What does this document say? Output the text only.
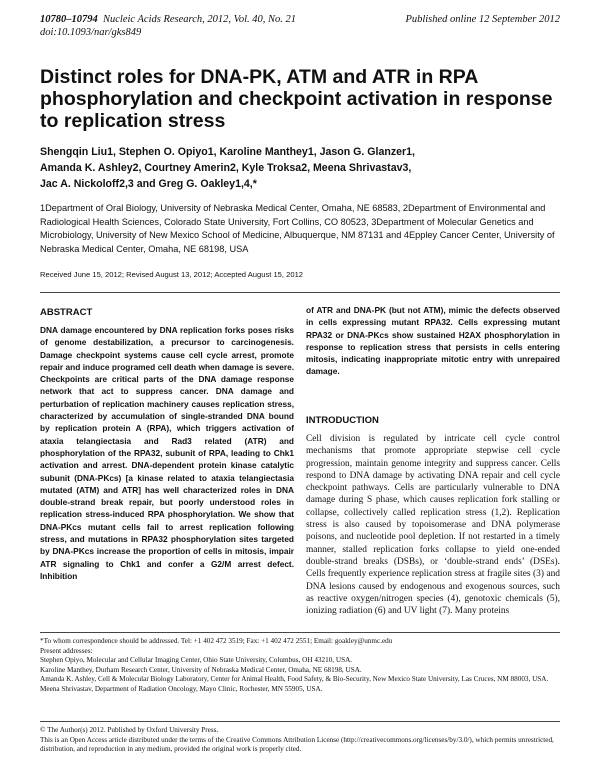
10780–10794 Nucleic Acids Research, 2012, Vol. 40, No. 21
doi:10.1093/nar/gks849
Published online 12 September 2012
Distinct roles for DNA-PK, ATM and ATR in RPA phosphorylation and checkpoint activation in response to replication stress
Shengqin Liu1, Stephen O. Opiyo1, Karoline Manthey1, Jason G. Glanzer1,
Amanda K. Ashley2, Courtney Amerin2, Kyle Troksa2, Meena Shrivastav3,
Jac A. Nickoloff2,3 and Greg G. Oakley1,4,*
1Department of Oral Biology, University of Nebraska Medical Center, Omaha, NE 68583, 2Department of Environmental and Radiological Health Sciences, Colorado State University, Fort Collins, CO 80523, 3Department of Molecular Genetics and Microbiology, University of New Mexico School of Medicine, Albuquerque, NM 87131 and 4Eppley Cancer Center, University of Nebraska Medical Center, Omaha, NE 68198, USA
Received June 15, 2012; Revised August 13, 2012; Accepted August 15, 2012
ABSTRACT

DNA damage encountered by DNA replication forks poses risks of genome destabilization, a precursor to carcinogenesis. Damage checkpoint systems cause cell cycle arrest, promote repair and induce programed cell death when damage is severe. Checkpoints are critical parts of the DNA damage response network that act to suppress cancer. DNA damage and perturbation of replication machinery causes replication stress, characterized by accumulation of single-stranded DNA bound by replication protein A (RPA), which triggers activation of ataxia telangiectasia and Rad3 related (ATR) and phosphorylation of the RPA32, subunit of RPA, leading to Chk1 activation and arrest. DNA-dependent protein kinase catalytic subunit (DNA-PKcs) [a kinase related to ataxia telangiectasia mutated (ATM) and ATR] has well characterized roles in DNA double-strand break repair, but poorly understood roles in replication stress-induced RPA phosphorylation. We show that DNA-PKcs mutant cells fail to arrest replication following stress, and mutations in RPA32 phosphorylation sites targeted by DNA-PKcs increase the proportion of cells in mitosis, impair ATR signaling to Chk1 and confer a G2/M arrest defect. Inhibition

of ATR and DNA-PK (but not ATM), mimic the defects observed in cells expressing mutant RPA32. Cells expressing mutant RPA32 or DNA-PKcs show sustained H2AX phosphorylation in response to replication stress that persists in cells entering mitosis, indicating inappropriate mitotic entry with unrepaired damage.

INTRODUCTION

Cell division is regulated by intricate cell cycle control mechanisms that promote appropriate stepwise cell cycle progression, maintain genome integrity and suppress cancer. Cells respond to DNA damage by activating DNA repair and cell cycle checkpoint pathways. Cells are particularly vulnerable to DNA damage during S phase, which causes replication fork stalling or collapse, collectively called replication stress (1,2). Replication stress is also caused by topoisomerase and DNA polymerase poisons, and nucleotide pool depletion. If not restarted in a timely manner, stalled replication forks collapse to yield one-ended double-strand breaks (DSBs), or ‘double-strand ends’ (DSEs). Cells frequently experience replication stress at fragile sites (3) and DNA lesions caused by endogenous and exogenous sources, such as reactive oxygen/nitrogen species (4), genotoxic chemicals (5), ionizing radiation (6) and UV light (7). Many proteins

*To whom correspondence should be addressed. Tel: +1 402 472 3519; Fax: +1 402 472 2551; Email: goakley@unmc.edu

Present addresses:

Stephen Opiyo, Molecular and Cellular Imaging Center, Ohio State University, Columbus, OH 43210, USA.

Karoline Manthey, Durham Research Center, University of Nebraska Medical Center, Omaha, NE 68198, USA.

Amanda K. Ashley, Cell & Molecular Biology Laboratory, Center for Animal Health, Food Safety, & Bio-Security, New Mexico State University, Las Cruces, NM 88003, USA.

Meena Shrivastav, Department of Radiation Oncology, Mayo Clinic, Rochester, MN 55905, USA.

© The Author(s) 2012. Published by Oxford University Press.

This is an Open Access article distributed under the terms of the Creative Commons Attribution License (http://creativecommons.org/licenses/by/3.0/), which permits unrestricted, distribution, and reproduction in any medium, provided the original work is properly cited.
